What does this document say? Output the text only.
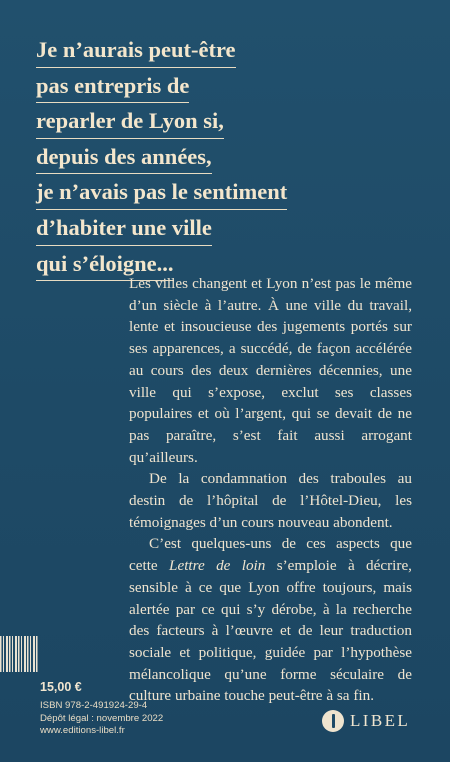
Je n’aurais peut-être
pas entrepris de
reparler de Lyon si,
depuis des années,
je n’avais pas le sentiment
d’habiter une ville
qui s’éloigne...

Les villes changent et Lyon n’est pas le même d’un siècle à l’autre. À une ville du travail, lente et insoucieuse des jugements portés sur ses apparences, a succédé, de façon accélérée au cours des deux dernières décennies, une ville qui s’expose, exclut ses classes populaires et où l’argent, qui se devait de ne pas paraître, s’est fait aussi arrogant qu’ailleurs.

De la condamnation des traboules au destin de l’hôpital de l’Hôtel-Dieu, les témoignages d’un cours nouveau abondent.

C’est quelques-uns de ces aspects que cette Lettre de loin s’emploie à décrire, sensible à ce que Lyon offre toujours, mais alertée par ce qui s’y dérobe, à la recherche des facteurs à l’œuvre et de leur traduction sociale et politique, guidée par l’hypothèse mélancolique qu’une forme séculaire de culture urbaine touche peut-être à sa fin.

15,00 €
ISBN 978-2-491924-29-4
Dépôt légal : novembre 2022
www.editions-libel.fr
LIBEL
